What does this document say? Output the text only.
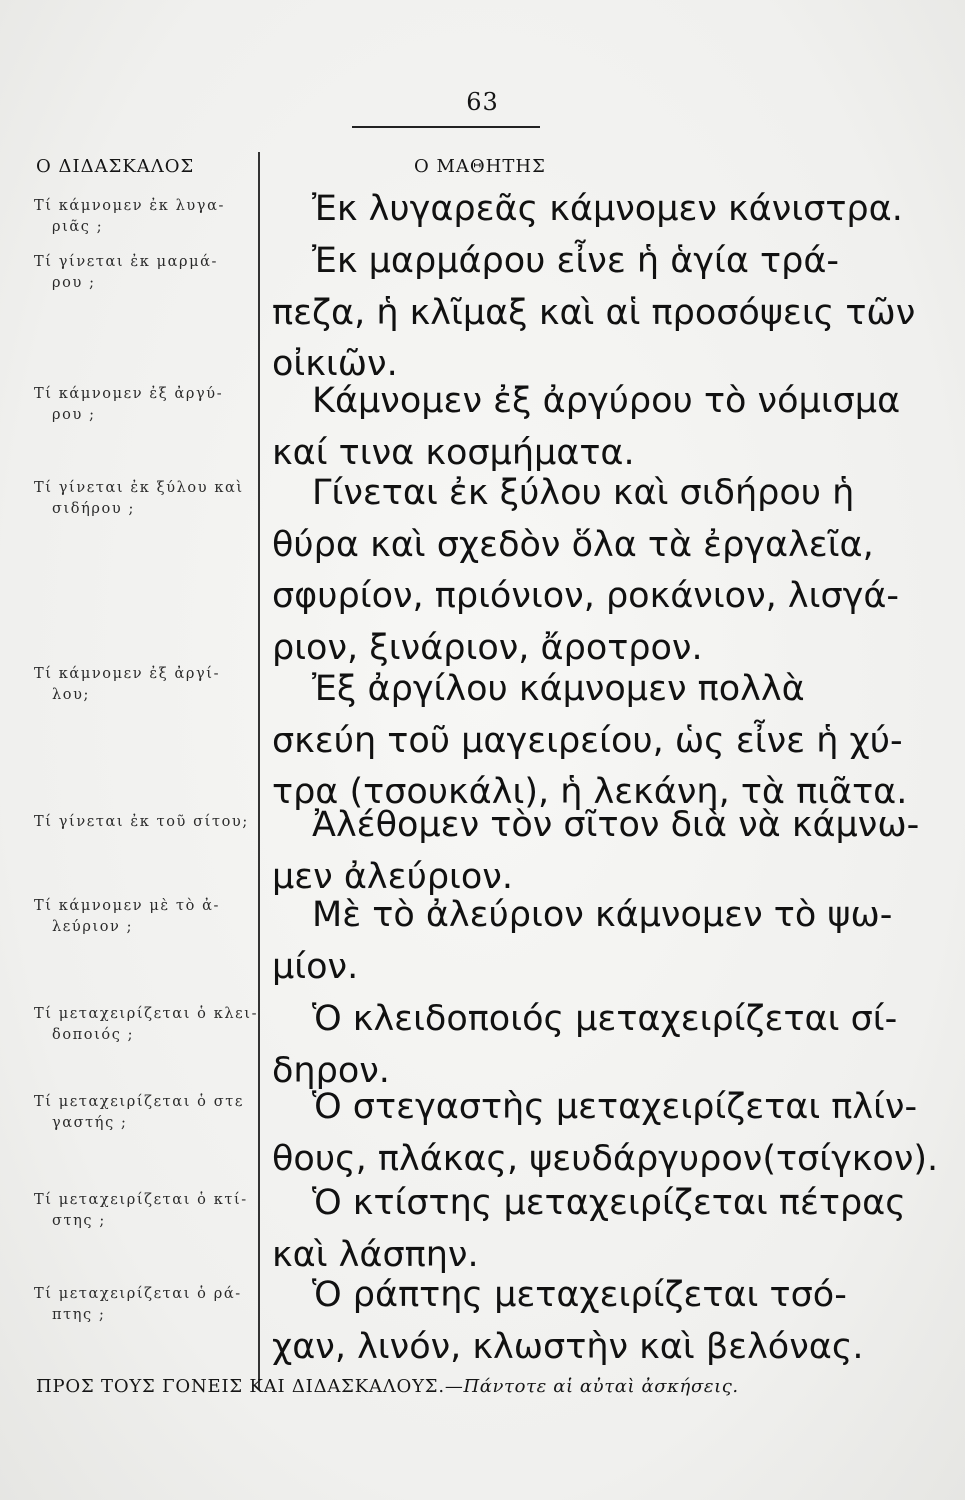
63
Ο ΔΙΔΑΣΚΑΛΟΣ	Ο ΜΑΘΗΤΗΣ
Τί κάμνομεν ἐκ λυγα-
ριᾶς ;
Τί γίνεται ἐκ μαρμά-
ρου ;
Τί κάμνομεν ἐξ ἀργύ-
ρου ;
Τί γίνεται ἐκ ξύλου καὶ
σιδήρου ;
Τί κάμνομεν ἐξ ἀργί-
λου;
Τί γίνεται ἐκ τοῦ σίτου;
Τί κάμνομεν μὲ τὸ ἀ-
λεύριον ;
Τί μεταχειρίζεται ὁ κλει-
δοποιός ;
Τί μεταχειρίζεται ὁ στε
γαστής ;
Τί μεταχειρίζεται ὁ κτί-
στης ;
Τί μεταχειρίζεται ὁ ρά-
πτης ;
Ἐκ λυγαρεᾶς κάμνομεν κάνιστρα.
Ἐκ μαρμάρου εἶνε ἡ ἁγία τρά-
πεζα, ἡ κλῖμαξ καὶ αἱ προσόψεις τῶν
οἰκιῶν.
Κάμνομεν ἐξ ἀργύρου τὸ νόμισμα
καί τινα κοσμήματα.
Γίνεται ἐκ ξύλου καὶ σιδήρου ἡ
θύρα καὶ σχεδὸν ὅλα τὰ ἐργαλεῖα,
σφυρίον, πριόνιον, ροκάνιον, λισγά-
ριον, ξινάριον, ἄροτρον.
Ἐξ ἀργίλου κάμνομεν πολλὰ
σκεύη τοῦ μαγειρείου, ὡς εἶνε ἡ χύ-
τρα (τσουκάλι), ἡ λεκάνη, τὰ πιᾶτα.
Ἀλέθομεν τὸν σῖτον διὰ νὰ κάμνω-
μεν ἀλεύριον.
Μὲ τὸ ἀλεύριον κάμνομεν τὸ ψω-
μίον.
Ὁ κλειδοποιός μεταχειρίζεται σί-
δηρον.
Ὁ στεγαστὴς μεταχειρίζεται πλίν-
θους, πλάκας, ψευδάργυρον(τσίγκον).
Ὁ κτίστης μεταχειρίζεται πέτρας
καὶ λάσπην.
Ὁ ράπτης μεταχειρίζεται τσό-
χαν, λινόν, κλωστὴν καὶ βελόνας.
ΠΡΟΣ ΤΟΥΣ ΓΟΝΕΙΣ ΚΑΙ ΔΙΔΑΣΚΑΛΟΥΣ.—Πάντοτε αἱ αὐταὶ ἀσκήσεις.
